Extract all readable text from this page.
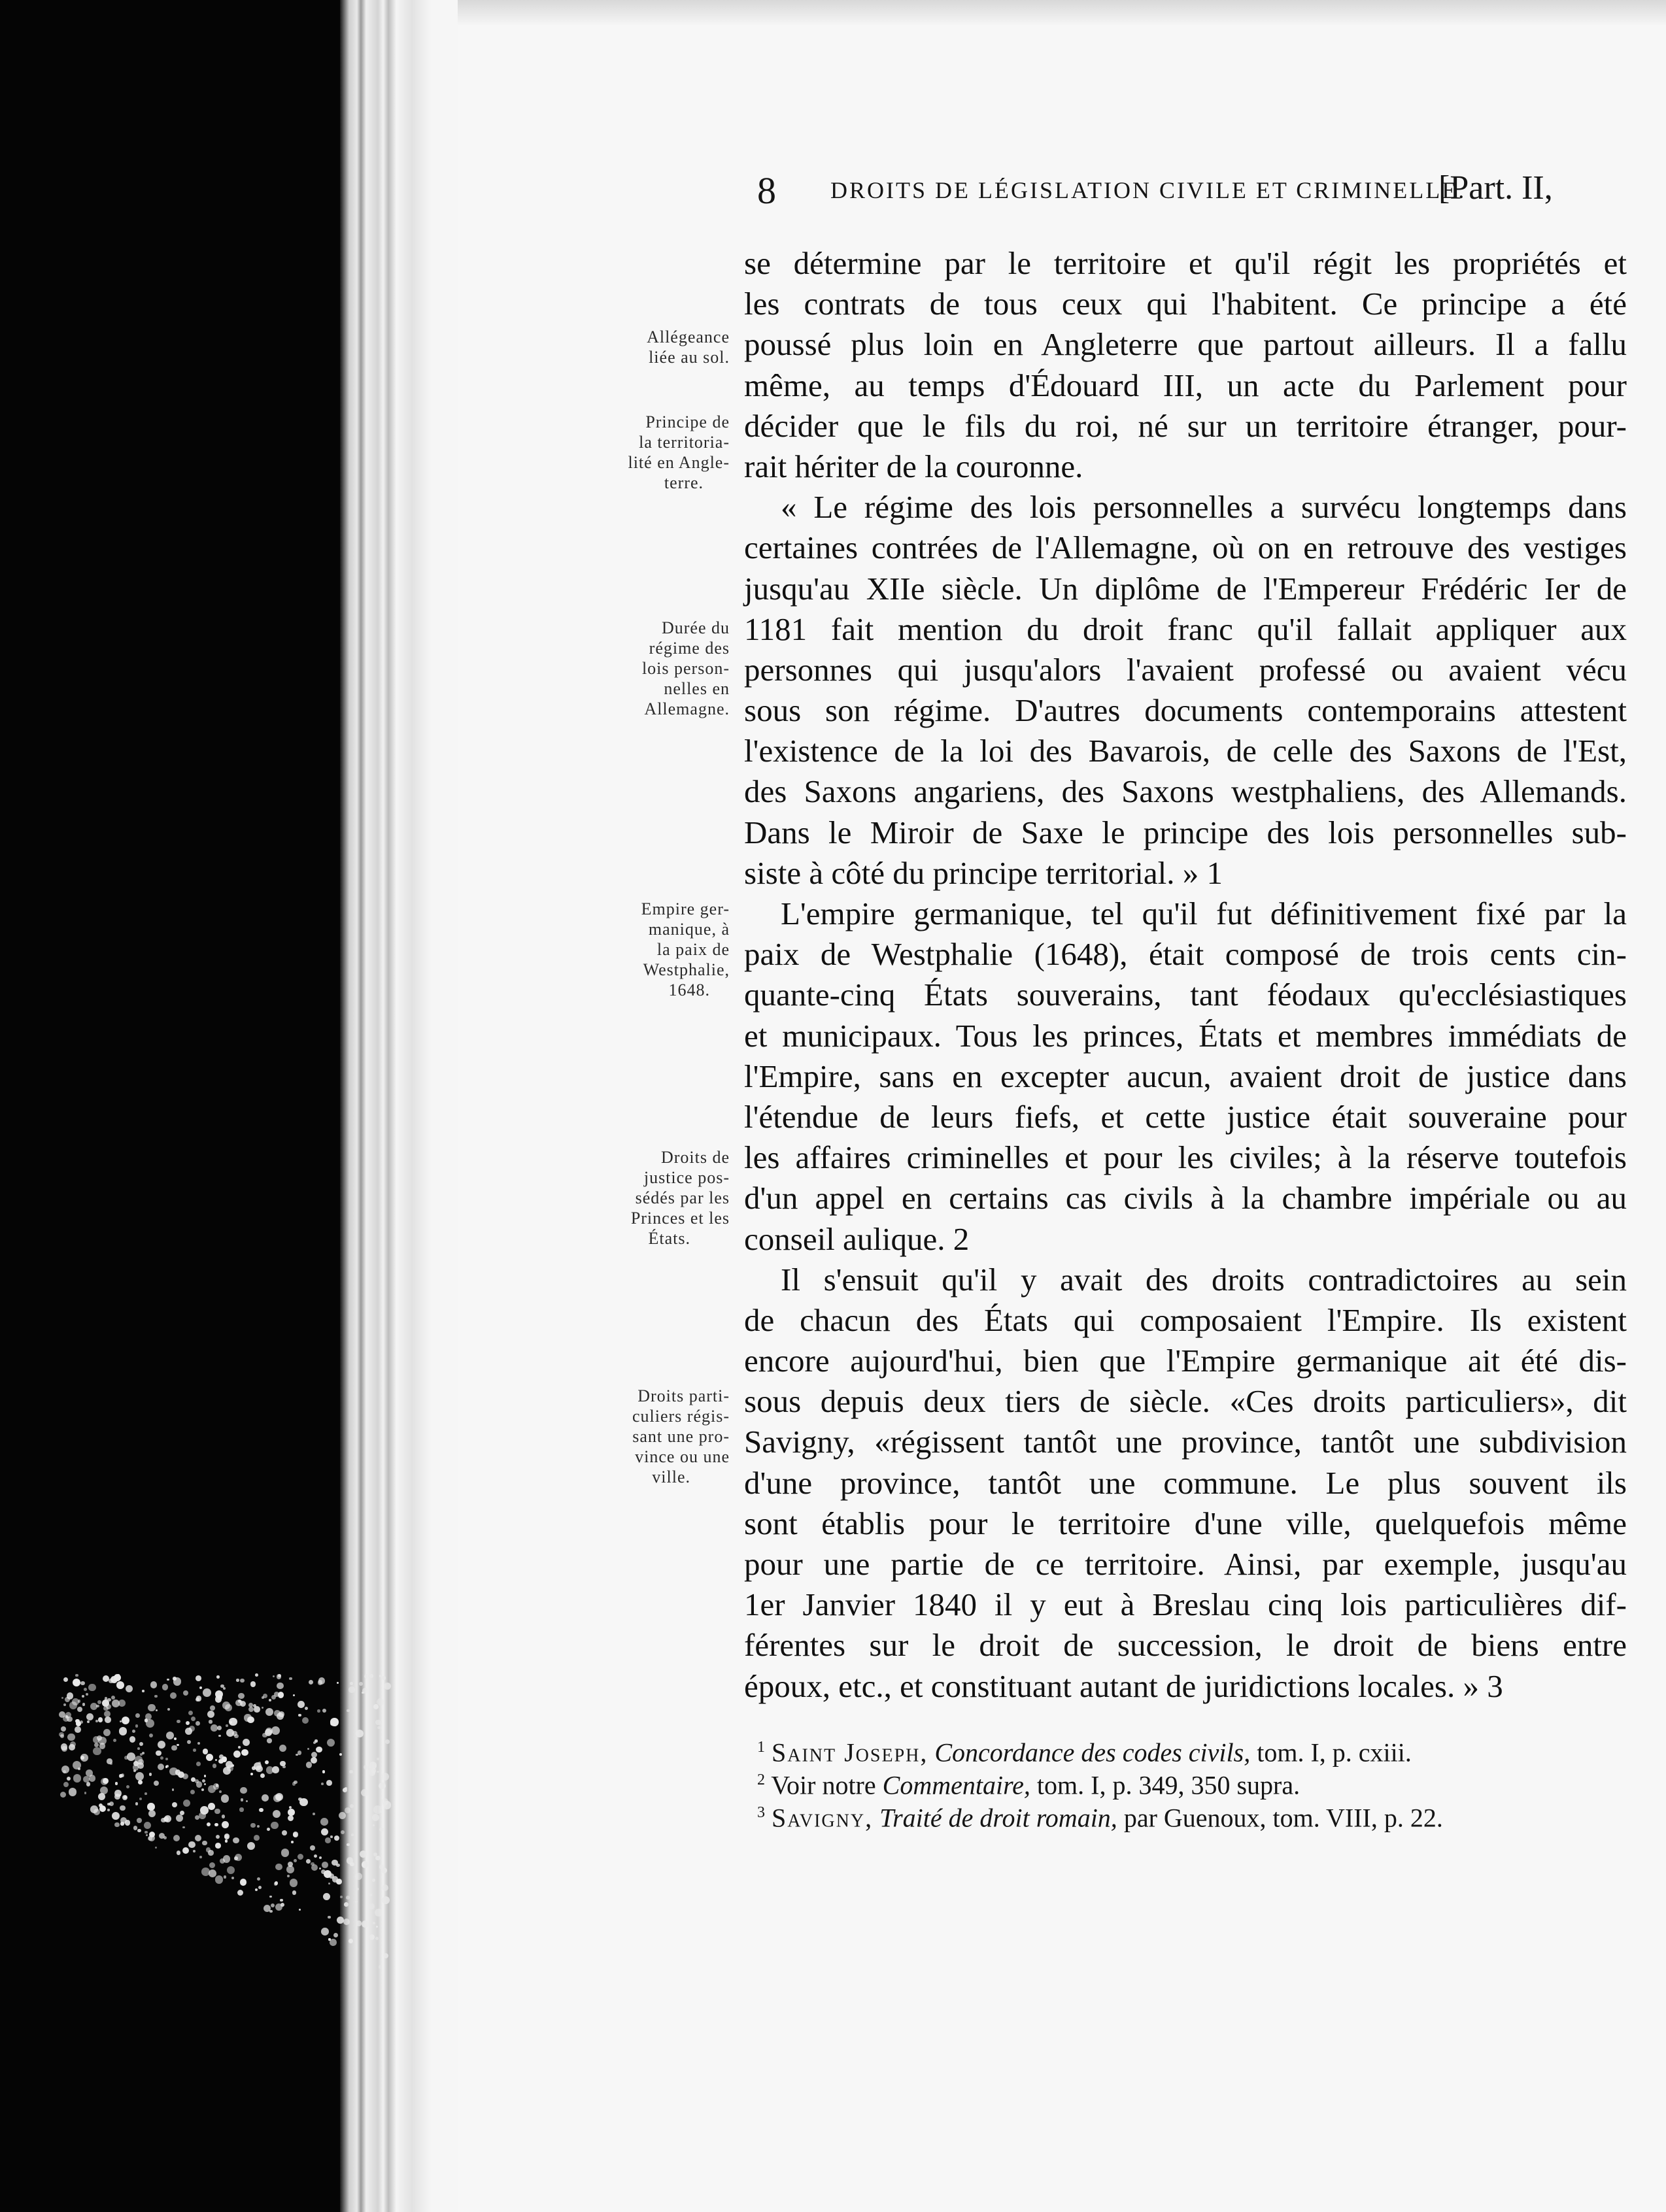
8 DROITS DE LÉGISLATION CIVILE ET CRIMINELLE.
[Part. II,
Allégeance
liée au sol.
Principe de
la territoria-
lité en Angle-
terre.
Durée du
régime des
lois person-
nelles en
Allemagne.
Empire ger-
manique, à
la paix de
Westphalie,
1648.
Droits de
justice pos-
sédés par les
Princes et les
États.
Droits parti-
culiers régis-
sant une pro-
vince ou une
ville.
se détermine par le territoire et qu'il régit les propriétés et
les contrats de tous ceux qui l'habitent. Ce principe a été
poussé plus loin en Angleterre que partout ailleurs. Il a fallu
même, au temps d'Édouard III, un acte du Parlement pour
décider que le fils du roi, né sur un territoire étranger, pour-
rait hériter de la couronne.
« Le régime des lois personnelles a survécu longtemps dans
certaines contrées de l'Allemagne, où on en retrouve des vestiges
jusqu'au XIIe siècle. Un diplôme de l'Empereur Frédéric Ier de
1181 fait mention du droit franc qu'il fallait appliquer aux
personnes qui jusqu'alors l'avaient professé ou avaient vécu
sous son régime. D'autres documents contemporains attestent
l'existence de la loi des Bavarois, de celle des Saxons de l'Est,
des Saxons angariens, des Saxons westphaliens, des Allemands.
Dans le Miroir de Saxe le principe des lois personnelles sub-
siste à côté du principe territorial. » 1
L'empire germanique, tel qu'il fut définitivement fixé par la
paix de Westphalie (1648), était composé de trois cents cin-
quante-cinq États souverains, tant féodaux qu'ecclésiastiques
et municipaux. Tous les princes, États et membres immédiats de
l'Empire, sans en excepter aucun, avaient droit de justice dans
l'étendue de leurs fiefs, et cette justice était souveraine pour
les affaires criminelles et pour les civiles; à la réserve toutefois
d'un appel en certains cas civils à la chambre impériale ou au
conseil aulique. 2
Il s'ensuit qu'il y avait des droits contradictoires au sein
de chacun des États qui composaient l'Empire. Ils existent
encore aujourd'hui, bien que l'Empire germanique ait été dis-
sous depuis deux tiers de siècle. «Ces droits particuliers», dit
Savigny, «régissent tantôt une province, tantôt une subdivision
d'une province, tantôt une commune. Le plus souvent ils
sont établis pour le territoire d'une ville, quelquefois même
pour une partie de ce territoire. Ainsi, par exemple, jusqu'au
1er Janvier 1840 il y eut à Breslau cinq lois particulières dif-
férentes sur le droit de succession, le droit de biens entre
époux, etc., et constituant autant de juridictions locales. » 3
$^1$ Saint Joseph, Concordance des codes civils, tom. I, p. cxiii.
$^2$ Voir notre Commentaire, tom. I, p. 349, 350 supra.
$^3$ Savigny, Traité de droit romain, par Guenoux, tom. VIII, p. 22.
